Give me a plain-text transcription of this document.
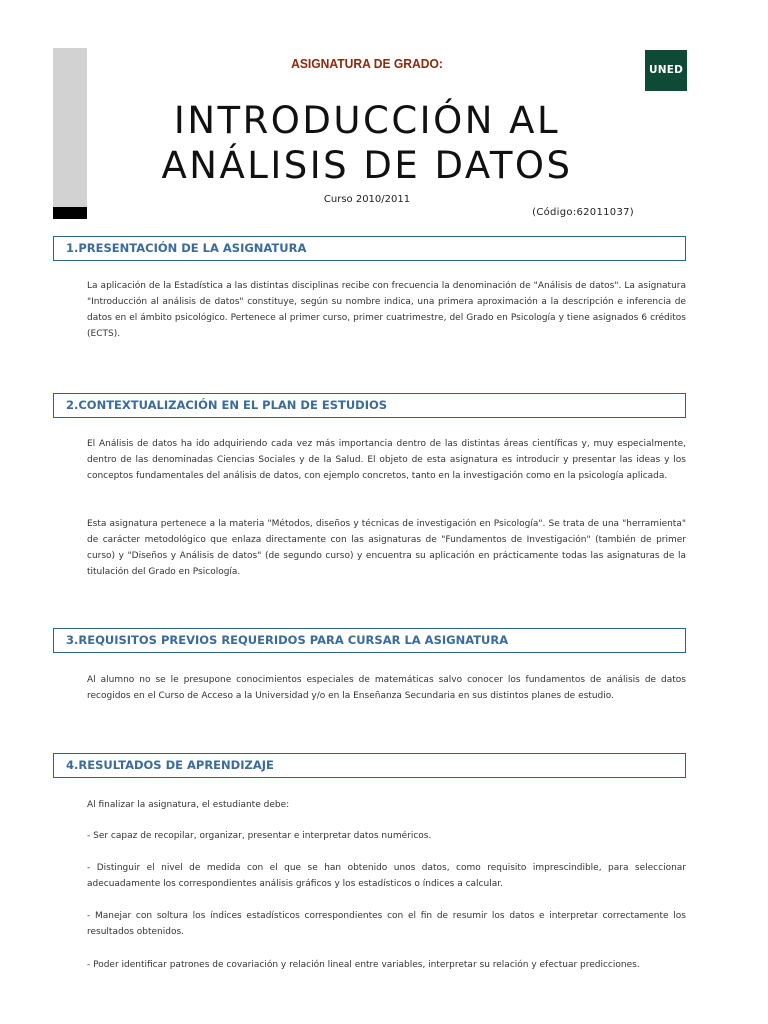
UNED
ASIGNATURA DE GRADO:
INTRODUCCIÓN AL
ANÁLISIS DE DATOS
Curso 2010/2011
(Código:62011037)
1.PRESENTACIÓN DE LA ASIGNATURA

La aplicación de la Estadística a las distintas disciplinas recibe con frecuencia la denominación de "Análisis de datos". La asignatura "Introducción al análisis de datos" constituye, según su nombre indica, una primera aproximación a la descripción e inferencia de datos en el ámbito psicológico. Pertenece al primer curso, primer cuatrimestre, del Grado en Psicología y tiene asignados 6 créditos (ECTS).

2.CONTEXTUALIZACIÓN EN EL PLAN DE ESTUDIOS

El Análisis de datos ha ido adquiriendo cada vez más importancia dentro de las distintas áreas científicas y, muy especialmente, dentro de las denominadas Ciencias Sociales y de la Salud. El objeto de esta asignatura es introducir y presentar las ideas y los conceptos fundamentales del análisis de datos, con ejemplo concretos, tanto en la investigación como en la psicología aplicada.

Esta asignatura pertenece a la materia "Métodos, diseños y técnicas de investigación en Psicología". Se trata de una "herramienta" de carácter metodológico que enlaza directamente con las asignaturas de "Fundamentos de Investigación" (también de primer curso) y "Diseños y Análisis de datos" (de segundo curso) y encuentra su aplicación en prácticamente todas las asignaturas de la titulación del Grado en Psicología.

3.REQUISITOS PREVIOS REQUERIDOS PARA CURSAR LA ASIGNATURA

Al alumno no se le presupone conocimientos especiales de matemáticas salvo conocer los fundamentos de análisis de datos recogidos en el Curso de Acceso a la Universidad y/o en la Enseñanza Secundaria en sus distintos planes de estudio.

4.RESULTADOS DE APRENDIZAJE

Al finalizar la asignatura, el estudiante debe:

- Ser capaz de recopilar, organizar, presentar e interpretar datos numéricos.

- Distinguir el nivel de medida con el que se han obtenido unos datos, como requisito imprescindible, para seleccionar adecuadamente los correspondientes análisis gráficos y los estadísticos o índices a calcular.

- Manejar con soltura los índices estadísticos correspondientes con el fin de resumir los datos e interpretar correctamente los resultados obtenidos.

- Poder identificar patrones de covariación y relación lineal entre variables, interpretar su relación y efectuar predicciones.
